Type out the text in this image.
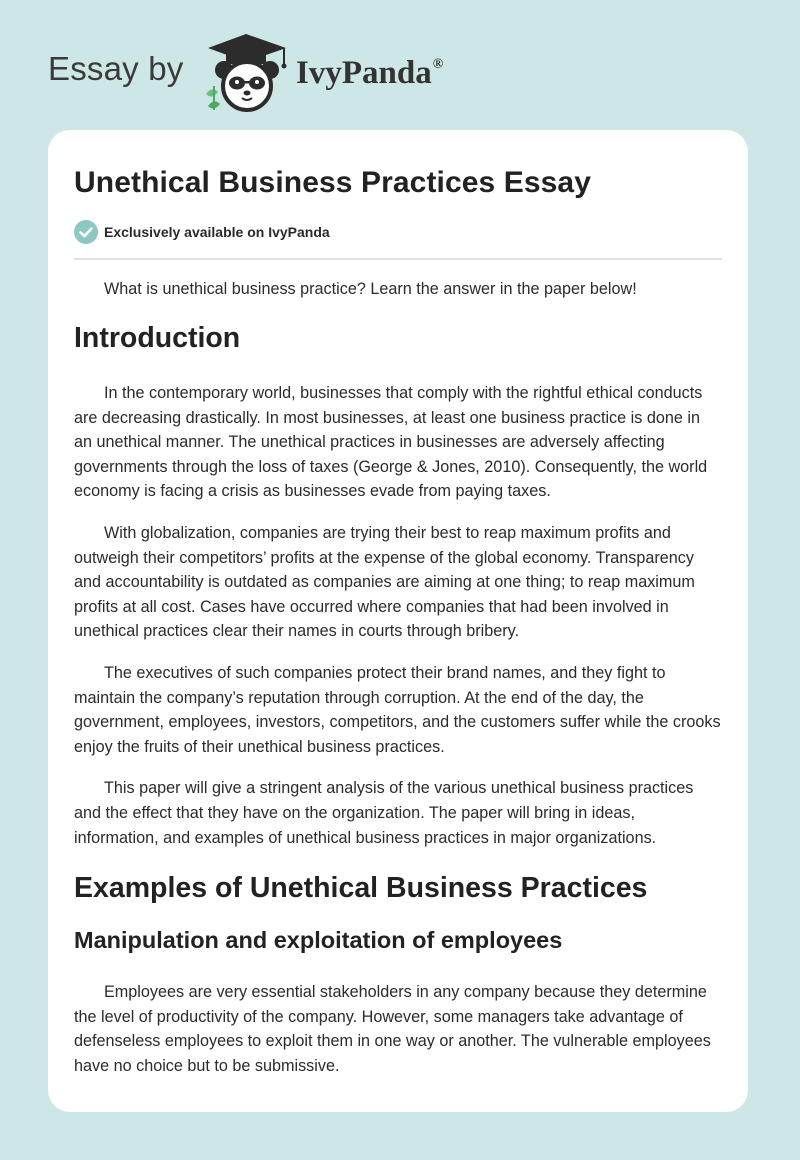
Essay by	IvyPanda®
Unethical Business Practices Essay
Exclusively available on IvyPanda

What is unethical business practice? Learn the answer in the paper below!

Introduction

In the contemporary world, businesses that comply with the rightful ethical conducts are decreasing drastically. In most businesses, at least one business practice is done in an unethical manner. The unethical practices in businesses are adversely affecting governments through the loss of taxes (George & Jones, 2010). Consequently, the world economy is facing a crisis as businesses evade from paying taxes.

With globalization, companies are trying their best to reap maximum profits and outweigh their competitors’ profits at the expense of the global economy. Transparency and accountability is outdated as companies are aiming at one thing; to reap maximum profits at all cost. Cases have occurred where companies that had been involved in unethical practices clear their names in courts through bribery.

The executives of such companies protect their brand names, and they fight to maintain the company’s reputation through corruption. At the end of the day, the government, employees, investors, competitors, and the customers suffer while the crooks enjoy the fruits of their unethical business practices.

This paper will give a stringent analysis of the various unethical business practices and the effect that they have on the organization. The paper will bring in ideas, information, and examples of unethical business practices in major organizations.

Examples of Unethical Business Practices
Manipulation and exploitation of employees

Employees are very essential stakeholders in any company because they determine the level of productivity of the company. However, some managers take advantage of defenseless employees to exploit them in one way or another. The vulnerable employees have no choice but to be submissive.
